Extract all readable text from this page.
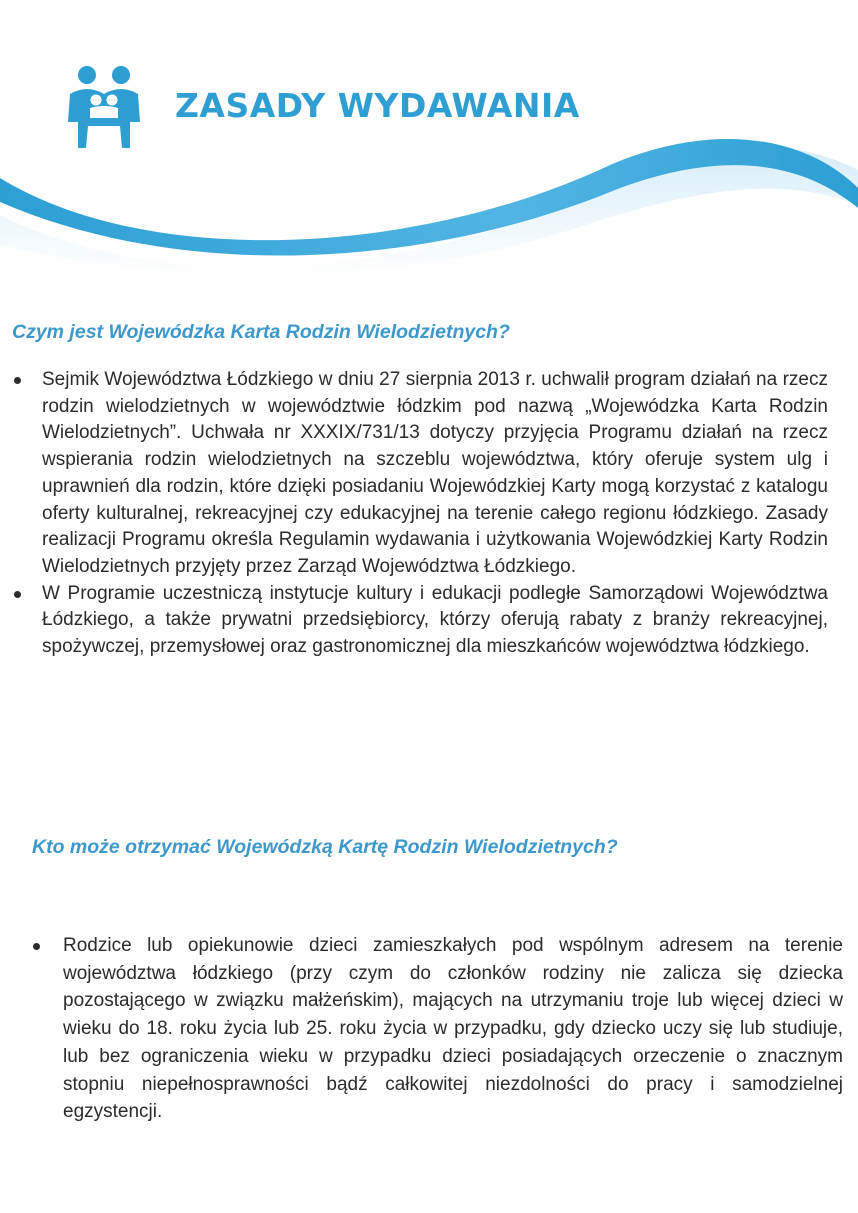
ZASADY WYDAWANIA
Czym jest Wojewódzka Karta Rodzin Wielodzietnych?
Sejmik Województwa Łódzkiego w dniu 27 sierpnia 2013 r. uchwalił program działań na rzecz rodzin wielodzietnych w województwie łódzkim pod nazwą „Wojewódzka Karta Rodzin Wielodzietnych”. Uchwała nr XXXIX/731/13 dotyczy przyjęcia Programu działań na rzecz wspierania rodzin wielodzietnych na szczeblu województwa, który oferuje system ulg i uprawnień dla rodzin, które dzięki posiadaniu Wojewódzkiej Karty mogą korzystać z katalogu oferty kulturalnej, rekreacyjnej czy edukacyjnej na terenie całego regionu łódzkiego. Zasady realizacji Programu określa Regulamin wydawania i użytkowania Wojewódzkiej Karty Rodzin Wielodzietnych przyjęty przez Zarząd Województwa Łódzkiego.
W Programie uczestniczą instytucje kultury i edukacji podległe Samorządowi Województwa Łódzkiego, a także prywatni przedsiębiorcy, którzy oferują rabaty z branży rekreacyjnej, spożywczej, przemysłowej oraz gastronomicznej dla mieszkańców województwa łódzkiego.
Kto może otrzymać Wojewódzką Kartę Rodzin Wielodzietnych?
Rodzice lub opiekunowie dzieci zamieszkałych pod wspólnym adresem na terenie województwa łódzkiego (przy czym do członków rodziny nie zalicza się dziecka pozostającego w związku małżeńskim), mających na utrzymaniu troje lub więcej dzieci w wieku do 18. roku życia lub 25. roku życia w przypadku, gdy dziecko uczy się lub studiuje, lub bez ograniczenia wieku w przypadku dzieci posiadających orzeczenie o znacznym stopniu niepełnosprawności bądź całkowitej niezdolności do pracy i samodzielnej egzystencji.
